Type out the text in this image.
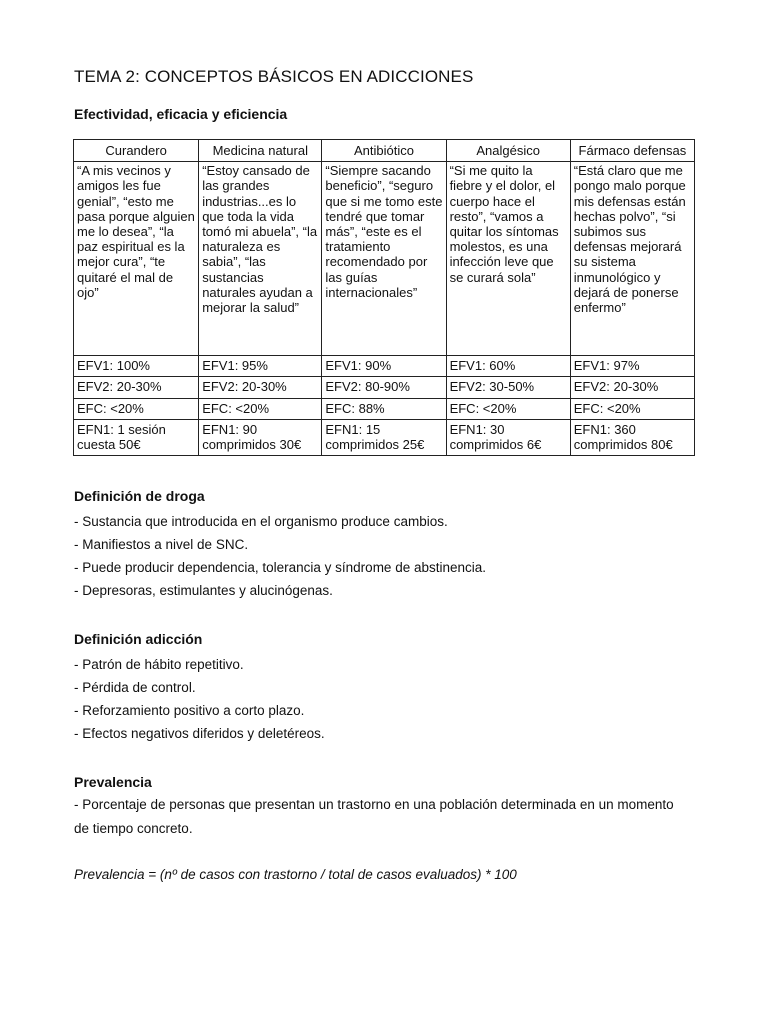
TEMA 2: CONCEPTOS BÁSICOS EN ADICCIONES
Efectividad, eficacia y eficiencia
Curandero	Medicina natural	Antibiótico	Analgésico	Fármaco defensas
“A mis vecinos y amigos les fue genial”, “esto me pasa porque alguien me lo desea”, “la paz espiritual es la mejor cura”, “te quitaré el mal de ojo”	“Estoy cansado de las grandes industrias...es lo que toda la vida tomó mi abuela”, “la naturaleza es sabia”, “las sustancias naturales ayudan a mejorar la salud”	“Siempre sacando beneficio”, “seguro que si me tomo este tendré que tomar más”, “este es el tratamiento recomendado por las guías internacionales”	“Si me quito la fiebre y el dolor, el cuerpo hace el resto”, “vamos a quitar los síntomas molestos, es una infección leve que se curará sola”	“Está claro que me pongo malo porque mis defensas están hechas polvo”, “si subimos sus defensas mejorará su sistema inmunológico y dejará de ponerse enfermo”
EFV1: 100%	EFV1: 95%	EFV1: 90%	EFV1: 60%	EFV1: 97%
EFV2: 20-30%	EFV2: 20-30%	EFV2: 80-90%	EFV2: 30-50%	EFV2: 20-30%
EFC: <20%	EFC: <20%	EFC: 88%	EFC: <20%	EFC: <20%
EFN1: 1 sesión cuesta 50€	EFN1: 90 comprimidos 30€	EFN1: 15 comprimidos 25€	EFN1: 30 comprimidos 6€	EFN1: 360 comprimidos 80€
Definición de droga
- Sustancia que introducida en el organismo produce cambios.
- Manifiestos a nivel de SNC.
- Puede producir dependencia, tolerancia y síndrome de abstinencia.
- Depresoras, estimulantes y alucinógenas.
Definición adicción
- Patrón de hábito repetitivo.
- Pérdida de control.
- Reforzamiento positivo a corto plazo.
- Efectos negativos diferidos y deletéreos.
Prevalencia

- Porcentaje de personas que presentan un trastorno en una población determinada en un momento de tiempo concreto.

Prevalencia = (nº de casos con trastorno / total de casos evaluados) * 100
